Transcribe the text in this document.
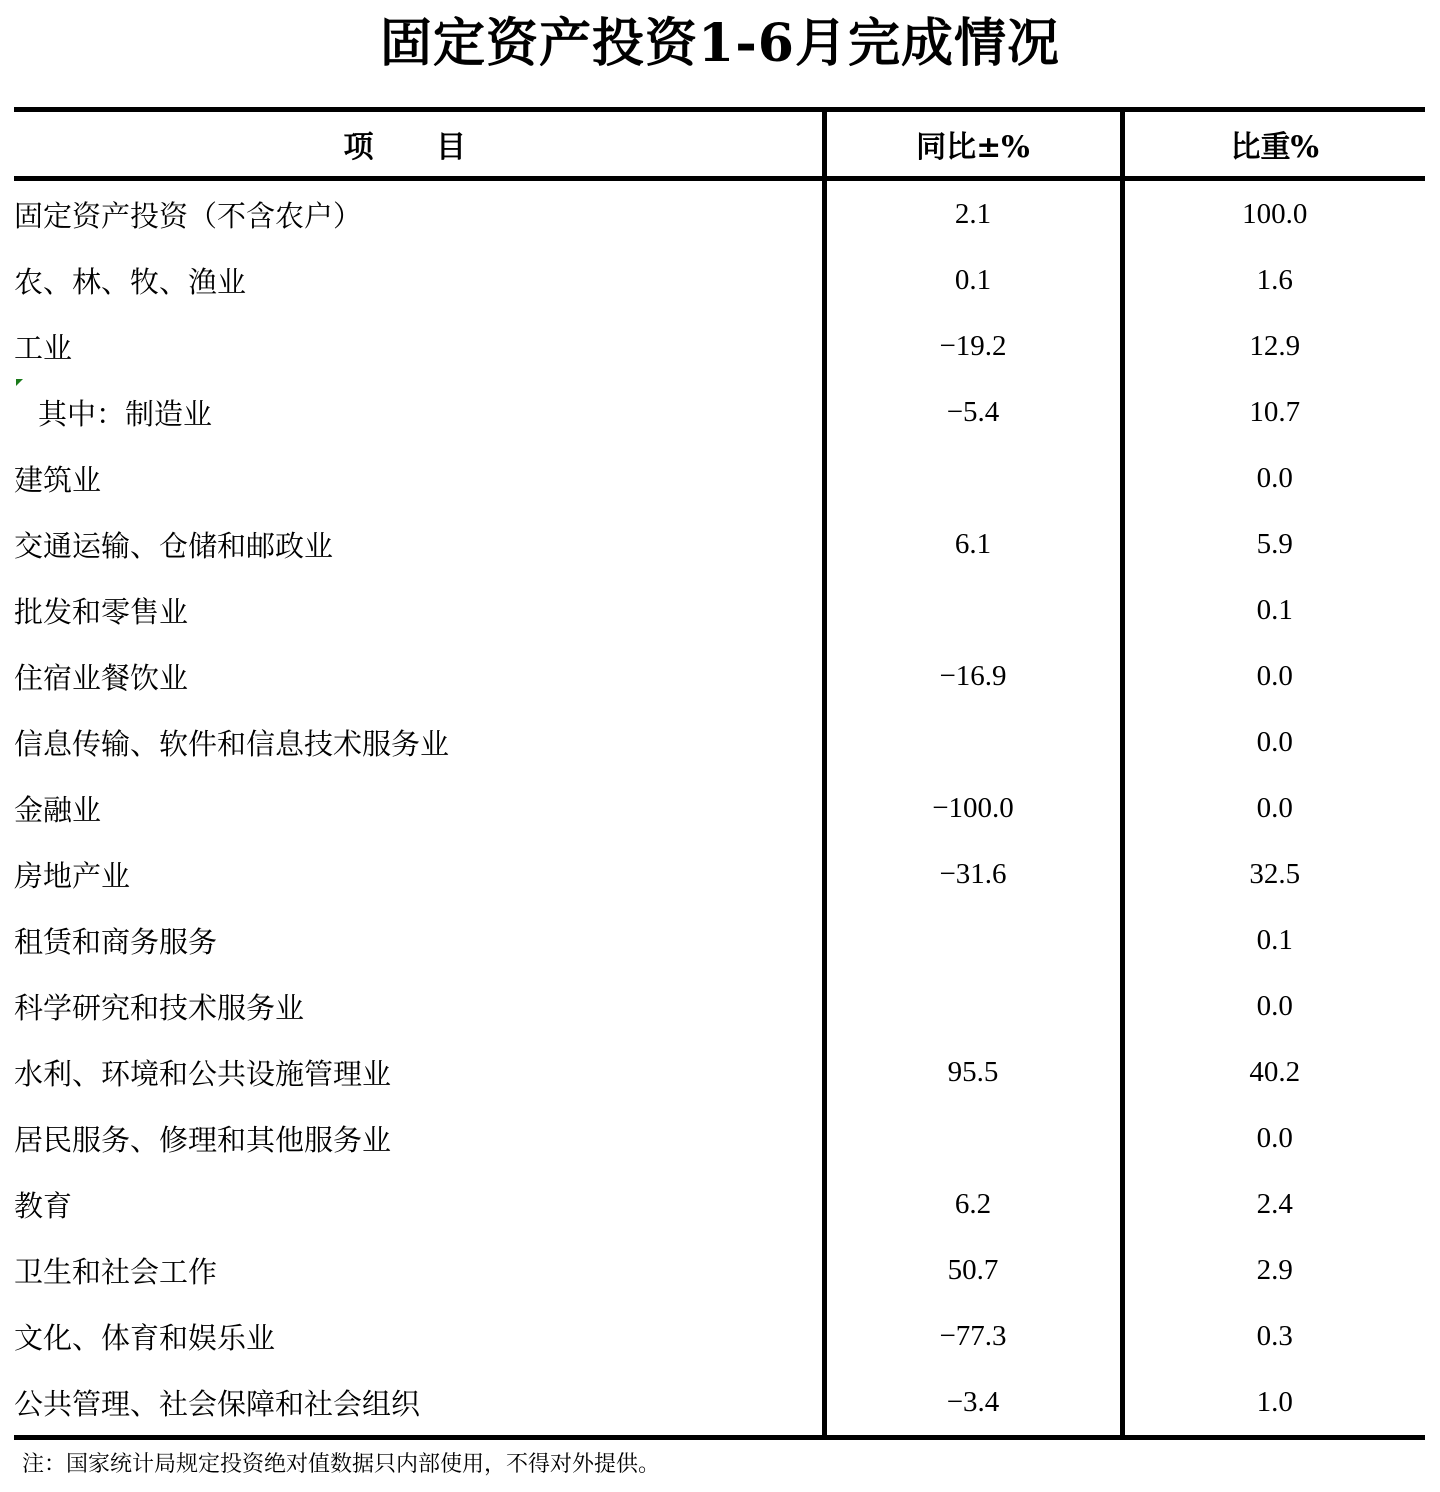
固定资产投资1-6月完成情况
项 目	同比±%	比重%
固定资产投资（不含农户）	2.1	100.0
农、林、牧、渔业	0.1	1.6
工业	−19.2	12.9

其中：制造业	−5.4	10.7
建筑业		0.0
交通运输、仓储和邮政业	6.1	5.9
批发和零售业		0.1
住宿业餐饮业	−16.9	0.0
信息传输、软件和信息技术服务业		0.0
金融业	−100.0	0.0
房地产业	−31.6	32.5
租赁和商务服务		0.1
科学研究和技术服务业		0.0
水利、环境和公共设施管理业	95.5	40.2
居民服务、修理和其他服务业		0.0
教育	6.2	2.4
卫生和社会工作	50.7	2.9
文化、体育和娱乐业	−77.3	0.3
公共管理、社会保障和社会组织	−3.4	1.0
注：国家统计局规定投资绝对值数据只内部使用，不得对外提供。
